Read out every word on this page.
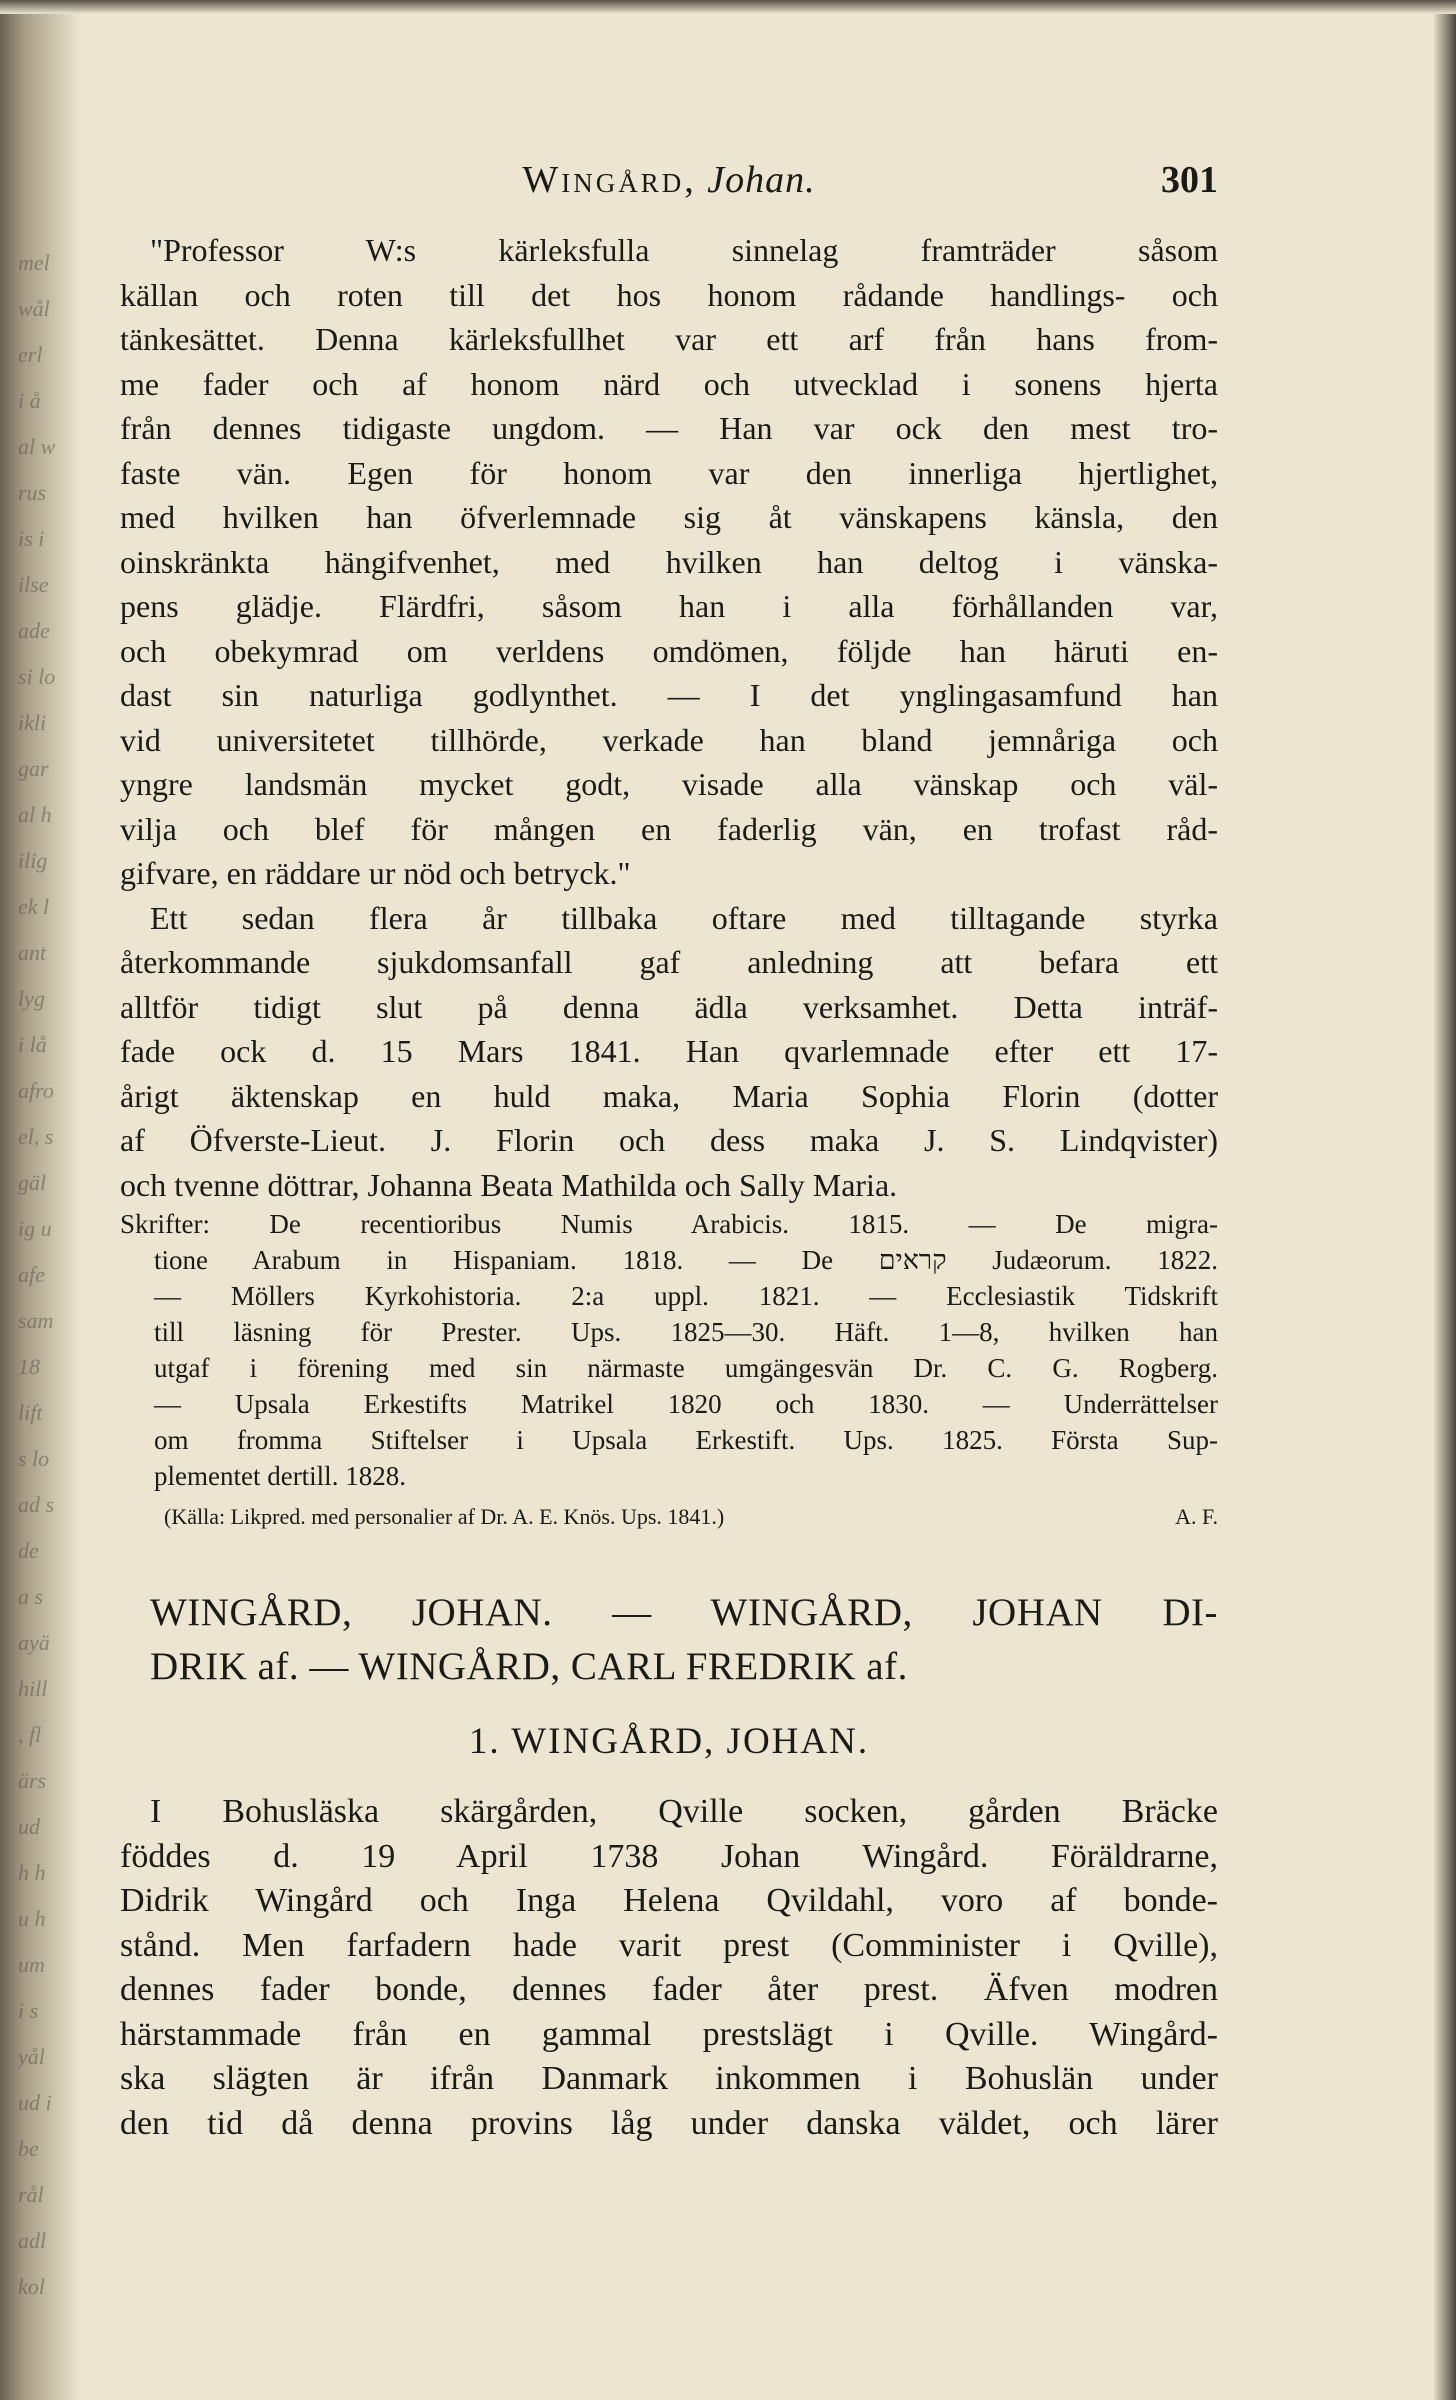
mel
wål
erl
i å
al w
rus
is i
ilse
ade
si lo
ikli
gar
al h
ilig
ek l
ant
lyg
i lå
afro
el, s
gäl
ig u
afe
sam
18
lift
s lo
ad s
de
a s
ayä
hill
, fl
ärs
ud
h h
u h
um
i s
yål
ud i
be
rål
adl
kol
Wingård, Johan.	301
"Professor W:s kärleksfulla sinnelag framträder såsom
källan och roten till det hos honom rådande handlings- och
tänkesättet. Denna kärleksfullhet var ett arf från hans from-
me fader och af honom närd och utvecklad i sonens hjerta
från dennes tidigaste ungdom. — Han var ock den mest tro-
faste vän. Egen för honom var den innerliga hjertlighet,
med hvilken han öfverlemnade sig åt vänskapens känsla, den
oinskränkta hängifvenhet, med hvilken han deltog i vänska-
pens glädje. Flärdfri, såsom han i alla förhållanden var,
och obekymrad om verldens omdömen, följde han häruti en-
dast sin naturliga godlynthet. — I det ynglingasamfund han
vid universitetet tillhörde, verkade han bland jemnåriga och
yngre landsmän mycket godt, visade alla vänskap och väl-
vilja och blef för mången en faderlig vän, en trofast råd-
gifvare, en räddare ur nöd och betryck."
Ett sedan flera år tillbaka oftare med tilltagande styrka
återkommande sjukdomsanfall gaf anledning att befara ett
alltför tidigt slut på denna ädla verksamhet. Detta inträf-
fade ock d. 15 Mars 1841. Han qvarlemnade efter ett 17-
årigt äktenskap en huld maka, Maria Sophia Florin (dotter
af Öfverste-Lieut. J. Florin och dess maka J. S. Lindqvister)
och tvenne döttrar, Johanna Beata Mathilda och Sally Maria.
Skrifter: De recentioribus Numis Arabicis. 1815. — De migra-
tione Arabum in Hispaniam. 1818. — De קראים Judæorum. 1822.
— Möllers Kyrkohistoria. 2:a uppl. 1821. — Ecclesiastik Tidskrift
till läsning för Prester. Ups. 1825—30. Häft. 1—8, hvilken han
utgaf i förening med sin närmaste umgängesvän Dr. C. G. Rogberg.
— Upsala Erkestifts Matrikel 1820 och 1830. — Underrättelser
om fromma Stiftelser i Upsala Erkestift. Ups. 1825. Första Sup-
plementet dertill. 1828.
(Källa: Likpred. med personalier af Dr. A. E. Knös. Ups. 1841.)	A. F.
WINGÅRD, JOHAN. — WINGÅRD, JOHAN DI-
DRIK af. — WINGÅRD, CARL FREDRIK af.
1. WINGÅRD, JOHAN.
I Bohusläska skärgården, Qville socken, gården Bräcke
föddes d. 19 April 1738 Johan Wingård. Föräldrarne,
Didrik Wingård och Inga Helena Qvildahl, voro af bonde-
stånd. Men farfadern hade varit prest (Comminister i Qville),
dennes fader bonde, dennes fader åter prest. Äfven modren
härstammade från en gammal prestslägt i Qville. Wingård-
ska slägten är ifrån Danmark inkommen i Bohuslän under
den tid då denna provins låg under danska väldet, och lärer
